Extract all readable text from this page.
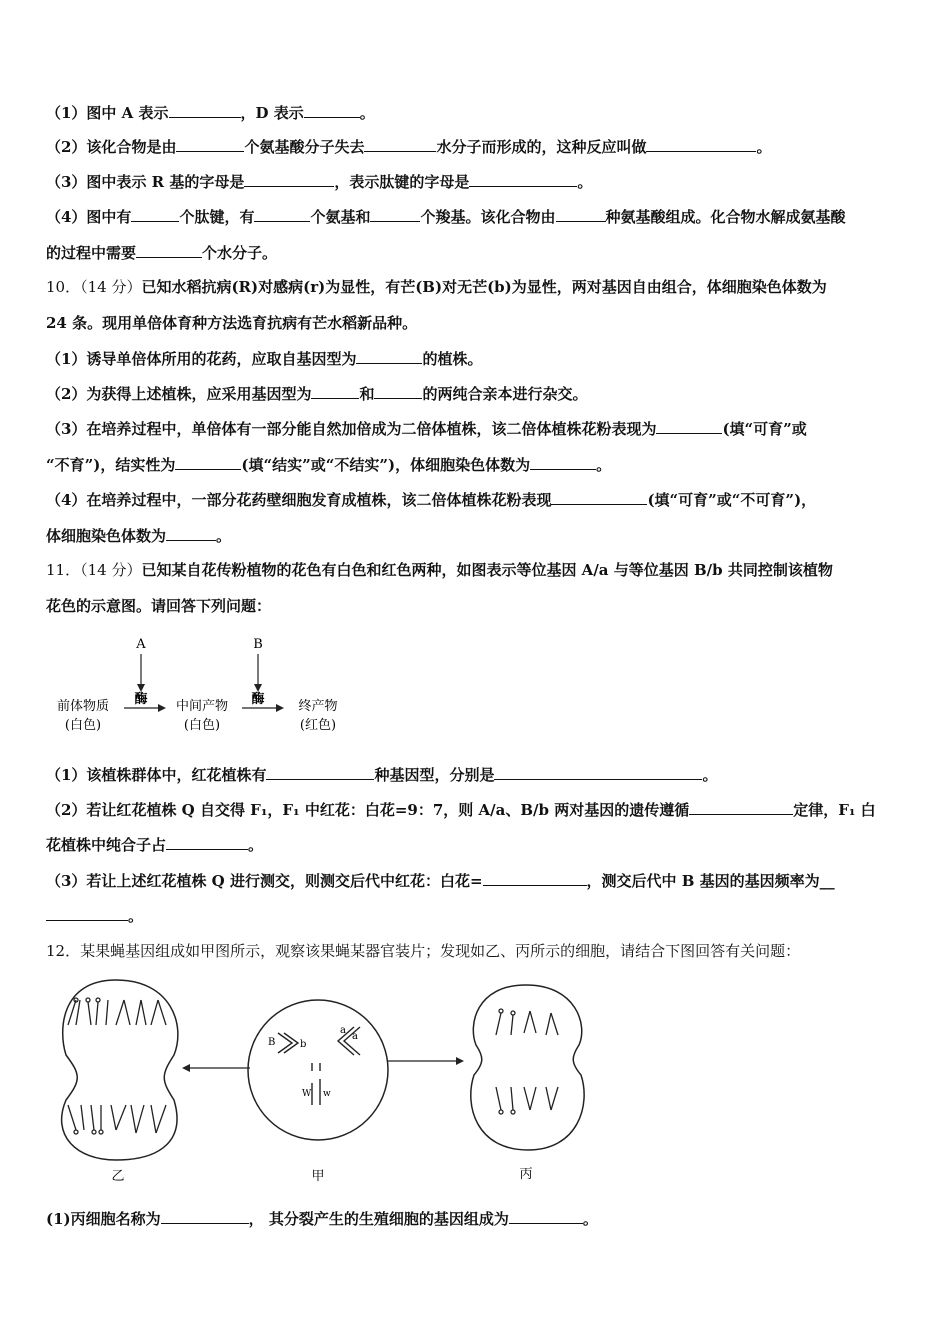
（1）图中 A 表示	，D 表示	。
（2）该化合物是由	个氨基酸分子失去	水分子而形成的，这种反应叫做	。
（3）图中表示 R 基的字母是	，表示肽键的字母是	。
（4）图中有	个肽键，有	个氨基和	个羧基。该化合物由	种氨基酸组成。化合物水解成氨基酸
的过程中需要	个水分子。
10．（14 分）已知水稻抗病(R)对感病(r)为显性，有芒(B)对无芒(b)为显性，两对基因自由组合，体细胞染色体数为
24 条。现用单倍体育种方法选育抗病有芒水稻新品种。
（1）诱导单倍体所用的花药，应取自基因型为	的植株。
（2）为获得上述植株，应采用基因型为	和	的两纯合亲本进行杂交。
（3）在培养过程中，单倍体有一部分能自然加倍成为二倍体植株，该二倍体植株花粉表现为	(填“可育”或
“不育”)，结实性为	(填“结实”或“不结实”)，体细胞染色体数为	。
（4）在培养过程中，一部分花药壁细胞发育成植株，该二倍体植株花粉表现	(填“可育”或“不可育”)，
体细胞染色体数为	。
11．（14 分）已知某自花传粉植物的花色有白色和红色两种，如图表示等位基因 A/a 与等位基因 B/b 共同控制该植物
花色的示意图。请回答下列问题：
A	B
酶	酶
前体物质
(白色)
中间产物
(白色)
终产物
(红色)
（1）该植株群体中，红花植株有	种基因型，分别是	。
（2）若让红花植株 Q 自交得 F₁，F₁ 中红花：白花=9：7，则 A/a、B/b 两对基因的遗传遵循	定律，F₁ 白
花植株中纯合子占	。
（3）若让上述红花植株 Q 进行测交，则测交后代中红花：白花=	，测交后代中 B 基因的基因频率为__
。
12．某果蝇基因组成如甲图所示，观察该果蝇某器官装片；发现如乙、丙所示的细胞，请结合下图回答有关问题：
乙
B b
a
a
W w
甲	丙
(1)丙细胞名称为	， 其分裂产生的生殖细胞的基因组成为	。
